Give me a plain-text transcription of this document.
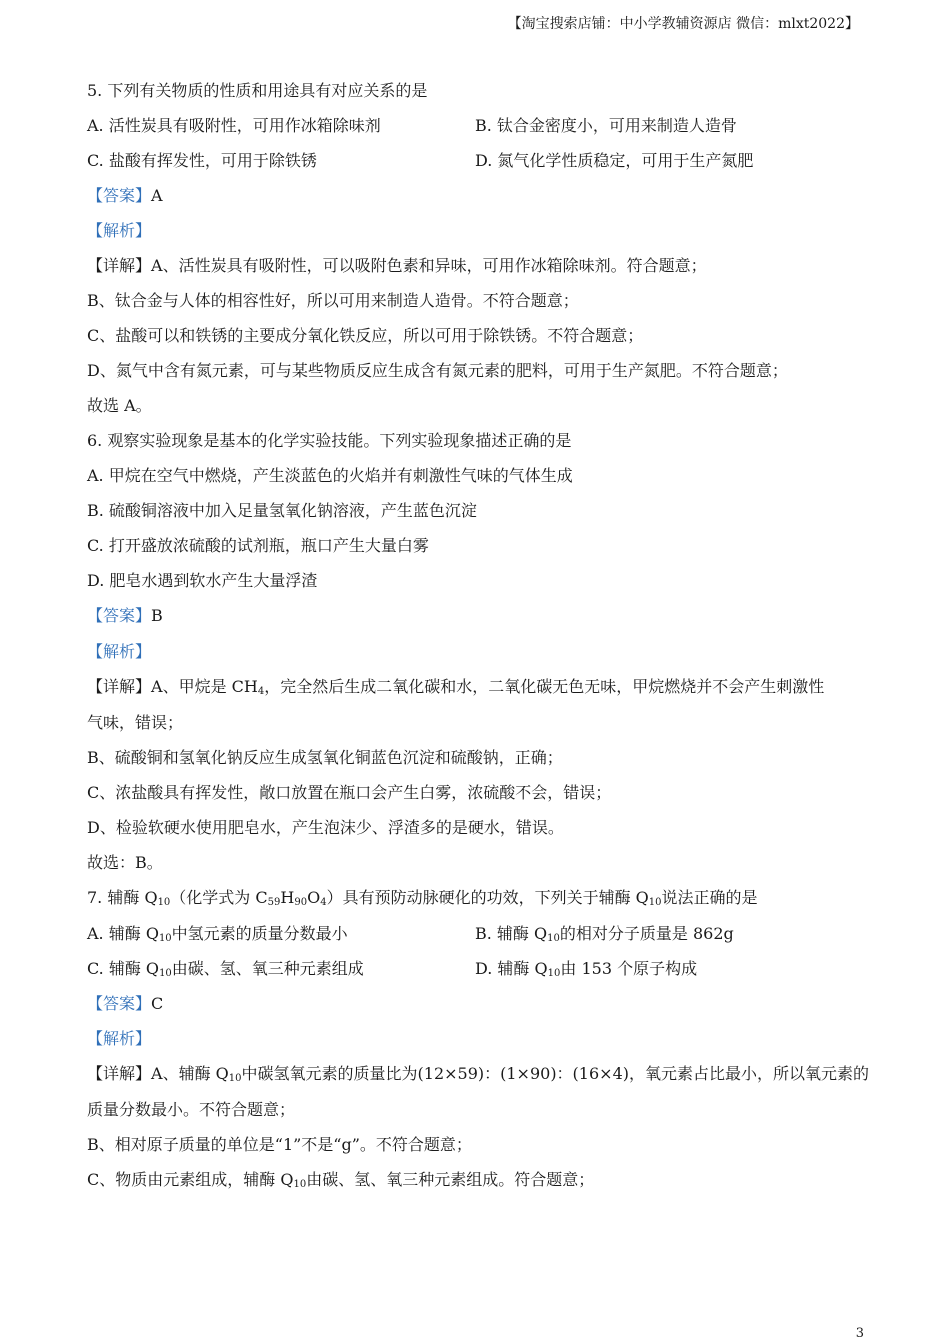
【淘宝搜索店铺：中小学教辅资源店 微信：mlxt2022】
5. 下列有关物质的性质和用途具有对应关系的是
A. 活性炭具有吸附性，可用作冰箱除味剂	B. 钛合金密度小，可用来制造人造骨
C. 盐酸有挥发性，可用于除铁锈	D. 氮气化学性质稳定，可用于生产氮肥
【答案】A
【解析】
【详解】A、活性炭具有吸附性，可以吸附色素和异味，可用作冰箱除味剂。符合题意；
B、钛合金与人体的相容性好，所以可用来制造人造骨。不符合题意；
C、盐酸可以和铁锈的主要成分氧化铁反应，所以可用于除铁锈。不符合题意；
D、氮气中含有氮元素，可与某些物质反应生成含有氮元素的肥料，可用于生产氮肥。不符合题意；
故选 A。
6. 观察实验现象是基本的化学实验技能。下列实验现象描述正确的是
A. 甲烷在空气中燃烧，产生淡蓝色的火焰并有刺激性气味的气体生成
B. 硫酸铜溶液中加入足量氢氧化钠溶液，产生蓝色沉淀
C. 打开盛放浓硫酸的试剂瓶，瓶口产生大量白雾
D. 肥皂水遇到软水产生大量浮渣
【答案】B
【解析】
【详解】A、甲烷是 $CH_4$，完全然后生成二氧化碳和水，二氧化碳无色无味，甲烷燃烧并不会产生刺激性
气味，错误；
B、硫酸铜和氢氧化钠反应生成氢氧化铜蓝色沉淀和硫酸钠，正确；
C、浓盐酸具有挥发性，敞口放置在瓶口会产生白雾，浓硫酸不会，错误；
D、检验软硬水使用肥皂水，产生泡沫少、浮渣多的是硬水，错误。
故选：B。
7. 辅酶 $Q_{10}$（化学式为 $C_{59}H_{90}O_4$）具有预防动脉硬化的功效，下列关于辅酶 $Q_{10}$说法正确的是
A. 辅酶 $Q_{10}$中氢元素的质量分数最小	B. 辅酶 $Q_{10}$的相对分子质量是 862g
C. 辅酶 $Q_{10}$由碳、氢、氧三种元素组成	D. 辅酶 $Q_{10}$由 153 个原子构成
【答案】C
【解析】
【详解】A、辅酶 $Q_{10}$中碳氢氧元素的质量比为(12×59)：(1×90)：(16×4)，氧元素占比最小，所以氧元素的
质量分数最小。不符合题意；
B、相对原子质量的单位是“1”不是“g”。不符合题意；
C、物质由元素组成，辅酶 $Q_{10}$由碳、氢、氧三种元素组成。符合题意；
3
